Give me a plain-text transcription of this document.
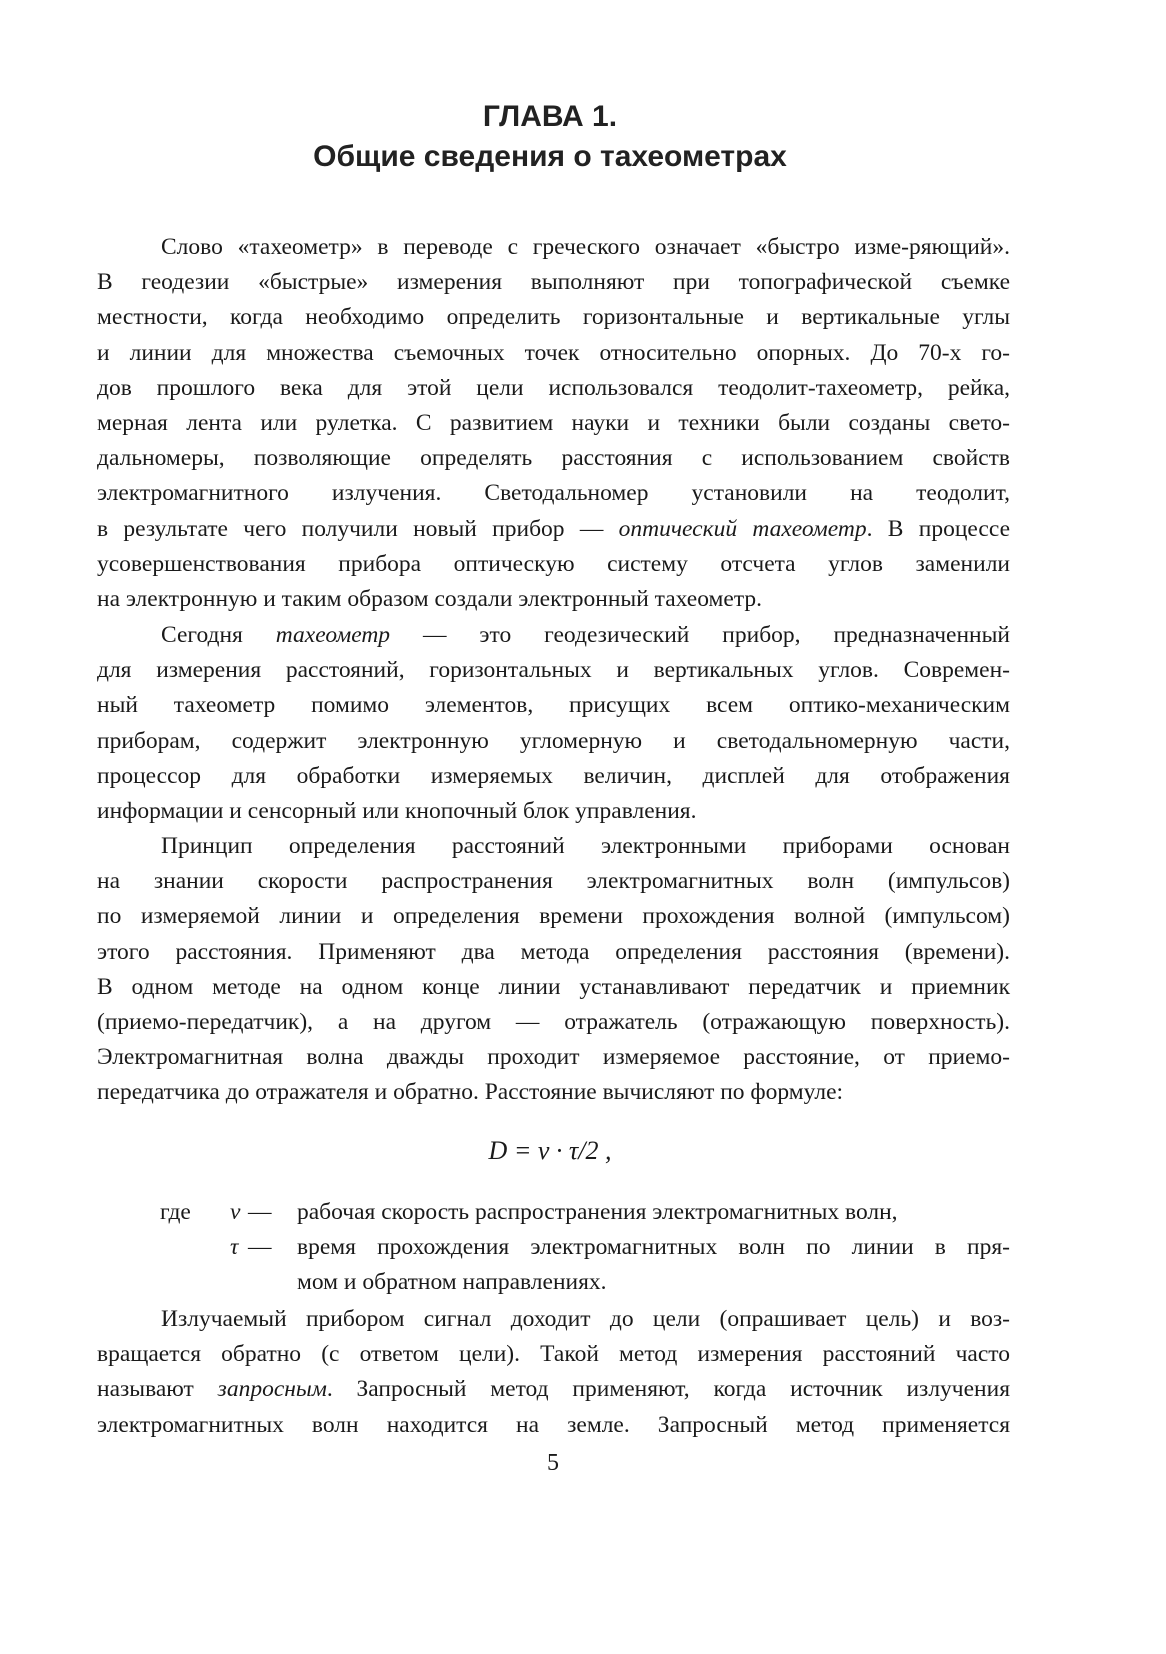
ГЛАВА 1.
Общие сведения о тахеометрах
Слово «тахеометр» в переводе с греческого означает «быстро изме-ряющий».
В геодезии «быстрые» измерения выполняют при топографической съемке
местности, когда необходимо определить горизонтальные и вертикальные углы
и линии для множества съемочных точек относительно опорных. До 70-х го-
дов прошлого века для этой цели использовался теодолит-тахеометр, рейка,
мерная лента или рулетка. С развитием науки и техники были созданы свето-
дальномеры, позволяющие определять расстояния с использованием свойств
электромагнитного излучения. Светодальномер установили на теодолит,
в результате чего получили новый прибор — оптический тахеометр. В процессе
усовершенствования прибора оптическую систему отсчета углов заменили
на электронную и таким образом создали электронный тахеометр.
Сегодня тахеометр — это геодезический прибор, предназначенный
для измерения расстояний, горизонтальных и вертикальных углов. Современ-
ный тахеометр помимо элементов, присущих всем оптико-механическим
приборам, содержит электронную угломерную и светодальномерную части,
процессор для обработки измеряемых величин, дисплей для отображения
информации и сенсорный или кнопочный блок управления.
Принцип определения расстояний электронными приборами основан
на знании скорости распространения электромагнитных волн (импульсов)
по измеряемой линии и определения времени прохождения волной (импульсом)
этого расстояния. Применяют два метода определения расстояния (времени).
В одном методе на одном конце линии устанавливают передатчик и приемник
(приемо-передатчик), а на другом — отражатель (отражающую поверхность).
Электромагнитная волна дважды проходит измеряемое расстояние, от приемо-
передатчика до отражателя и обратно. Расстояние вычисляют по формуле:
D = v · τ/2 ,
где v — рабочая скорость распространения электромагнитных волн,
τ — время прохождения электромагнитных волн по линии в пря-
мом и обратном направлениях.
Излучаемый прибором сигнал доходит до цели (опрашивает цель) и воз-
вращается обратно (с ответом цели). Такой метод измерения расстояний часто
называют запросным. Запросный метод применяют, когда источник излучения
электромагнитных волн находится на земле. Запросный метод применяется
5
